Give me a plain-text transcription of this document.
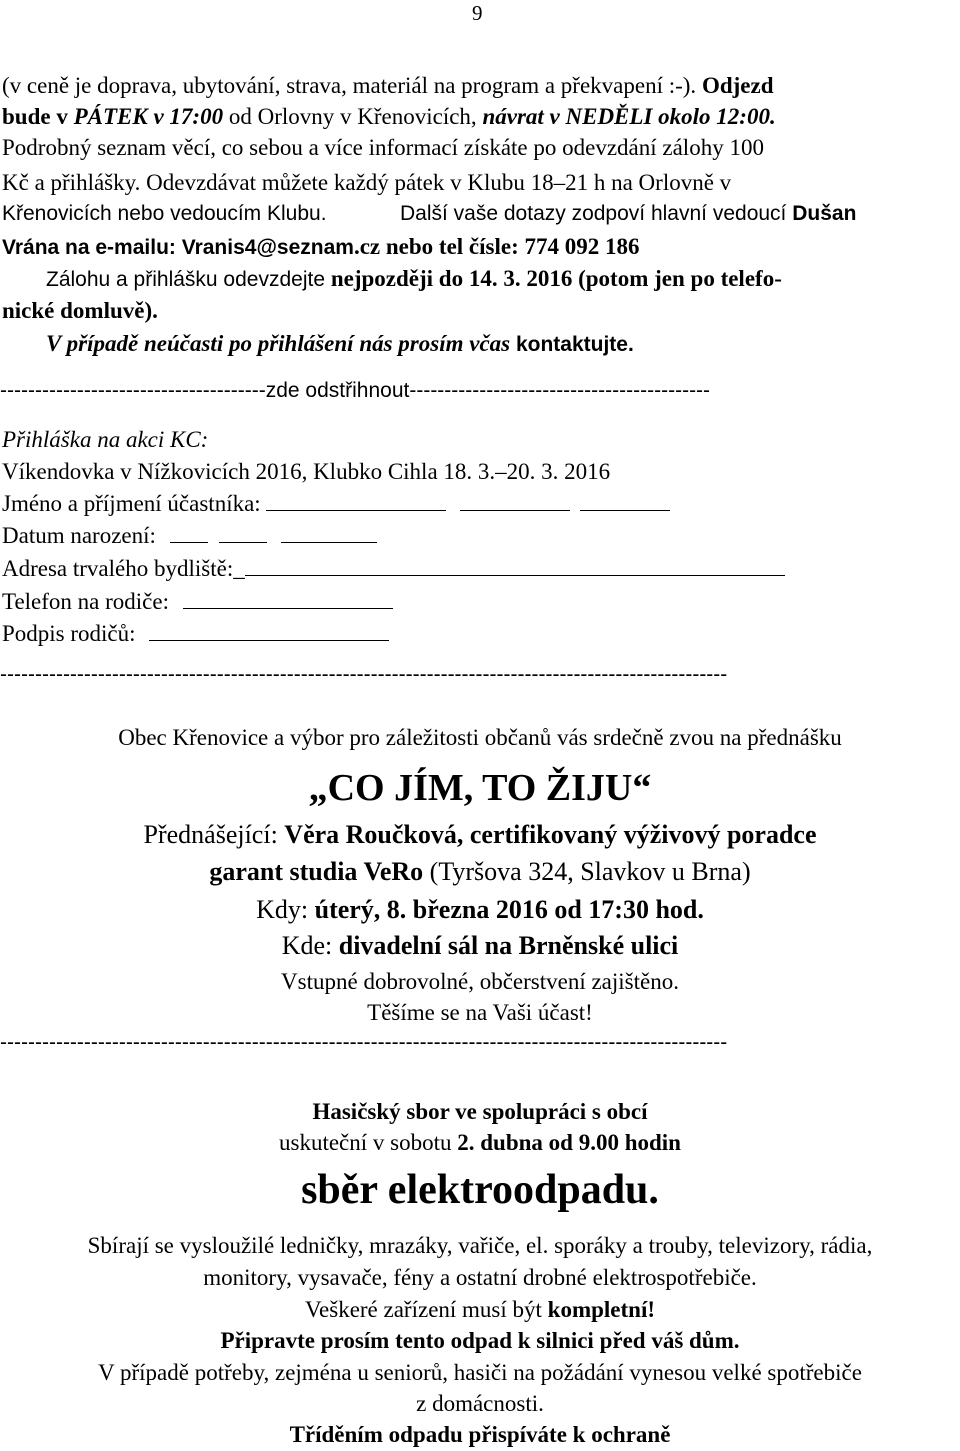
9
(v ceně je doprava, ubytování, strava, materiál na program a překvapení :-). Odjezd
bude v PÁTEK v 17:00 od Orlovny v Křenovicích, návrat v NEDĚLI okolo 12:00.
Podrobný seznam věcí, co sebou a více informací získáte po odevzdání zálohy 100
Kč a přihlášky. Odevzdávat můžete každý pátek v Klubu 18–21 h na Orlovně v
Křenovicích nebo vedoucím Klubu.	Další vaše dotazy zodpoví hlavní vedoucí Dušan
Vrána na e-mailu: Vranis4@seznam.cz nebo tel čísle: 774 092 186
Zálohu a přihlášku odevzdejte nejpozději do 14. 3. 2016 (potom jen po telefo-
nické domluvě).
V případě neúčasti po přihlášení nás prosím včas kontaktujte.
--------------------------------------zde odstřihnout-------------------------------------------
Přihláška na akci KC:
Víkendovka v Nížkovicích 2016, Klubko Cihla 18. 3.–20. 3. 2016
Jméno a příjmení účastníka:
Datum narození:
Adresa trvalého bydliště:_
Telefon na rodiče:
Podpis rodičů:
--------------------------------------------------------------------------------------------------------
Obec Křenovice a výbor pro záležitosti občanů vás srdečně zvou na přednášku
„CO JÍM, TO ŽIJU“
Přednášející: Věra Roučková, certifikovaný výživový poradce
garant studia VeRo (Tyršova 324, Slavkov u Brna)
Kdy: úterý, 8. března 2016 od 17:30 hod.
Kde: divadelní sál na Brněnské ulici
Vstupné dobrovolné, občerstvení zajištěno.
Těšíme se na Vaši účast!
--------------------------------------------------------------------------------------------------------
Hasičský sbor ve spolupráci s obcí
uskuteční v sobotu 2. dubna od 9.00 hodin
sběr elektroodpadu.
Sbírají se vysloužilé ledničky, mrazáky, vařiče, el. sporáky a trouby, televizory, rádia,
monitory, vysavače, fény a ostatní drobné elektrospotřebiče.
Veškeré zařízení musí být kompletní!
Připravte prosím tento odpad k silnici před váš dům.
V případě potřeby, zejména u seniorů, hasiči na požádání vynesou velké spotřebiče
z domácnosti.
Tříděním odpadu přispíváte k ochraně
